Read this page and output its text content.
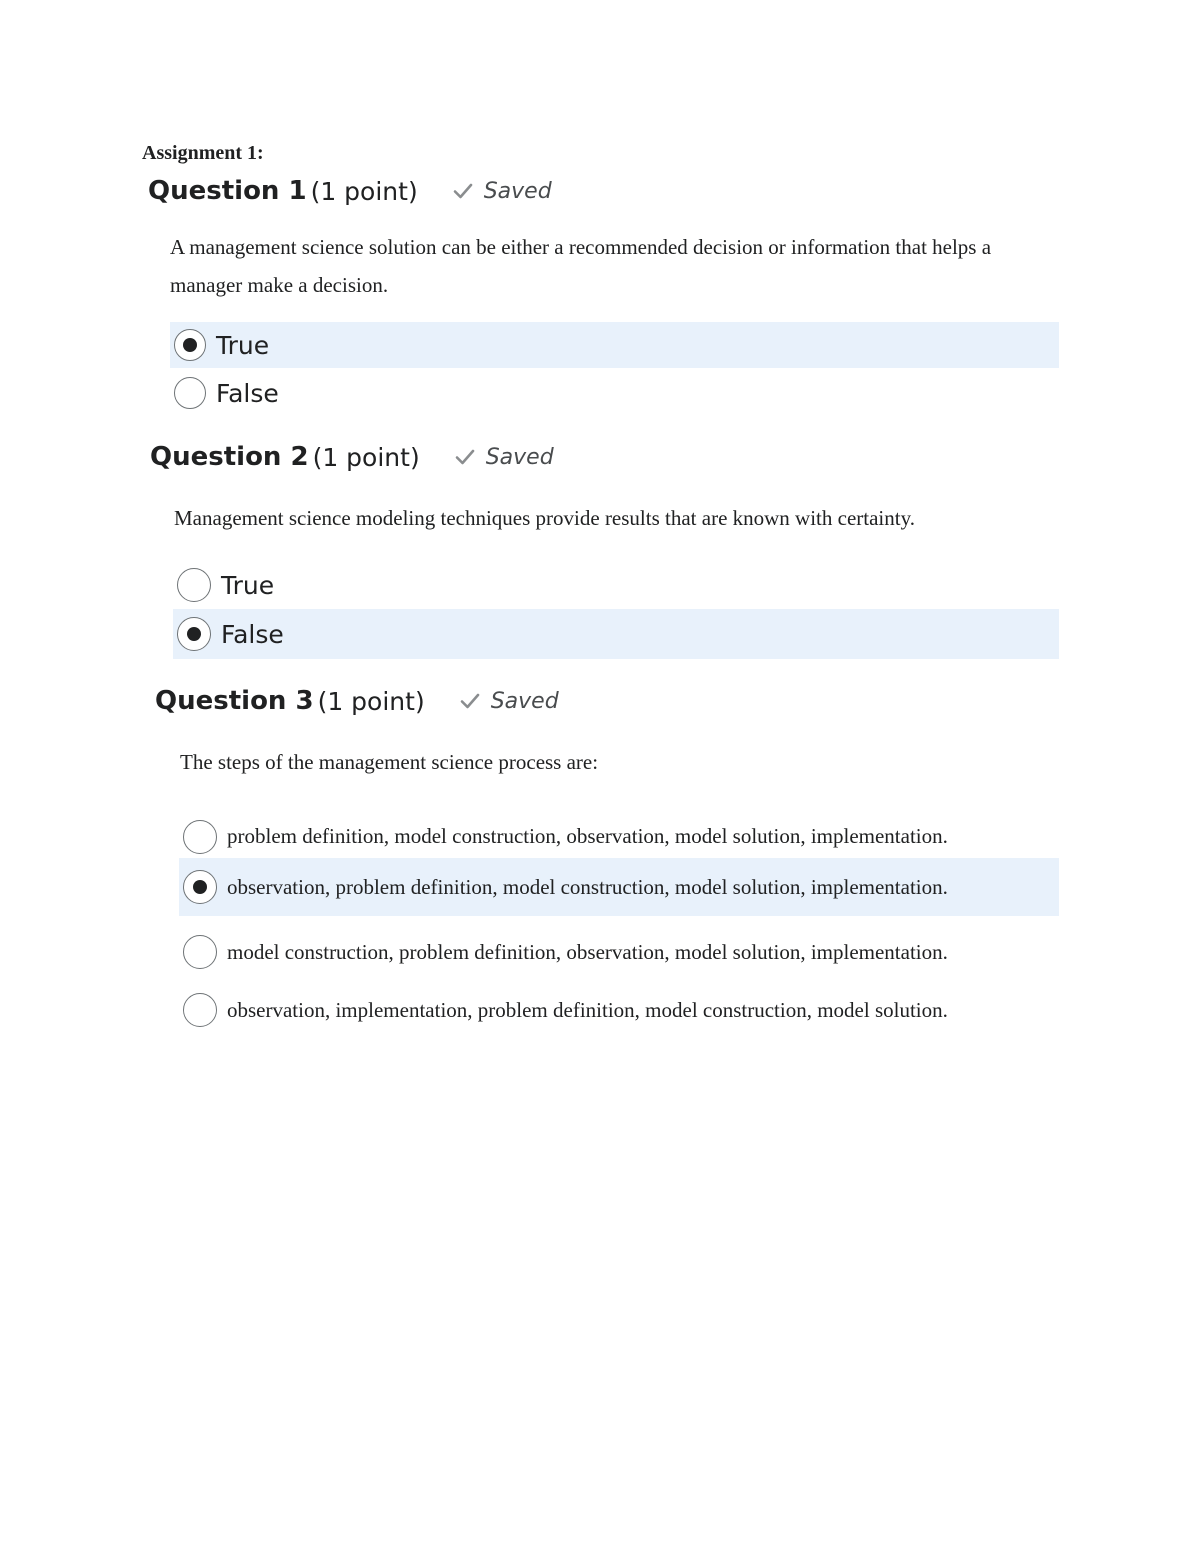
Assignment 1:
Question 1 (1 point)	Saved
A management science solution can be either a recommended decision or information that helps a manager make a decision.
True
False
Question 2 (1 point)	Saved
Management science modeling techniques provide results that are known with certainty.
True
False
Question 3 (1 point)	Saved
The steps of the management science process are:
problem definition, model construction, observation, model solution, implementation.
observation, problem definition, model construction, model solution, implementation.
model construction, problem definition, observation, model solution, implementation.
observation, implementation, problem definition, model construction, model solution.
